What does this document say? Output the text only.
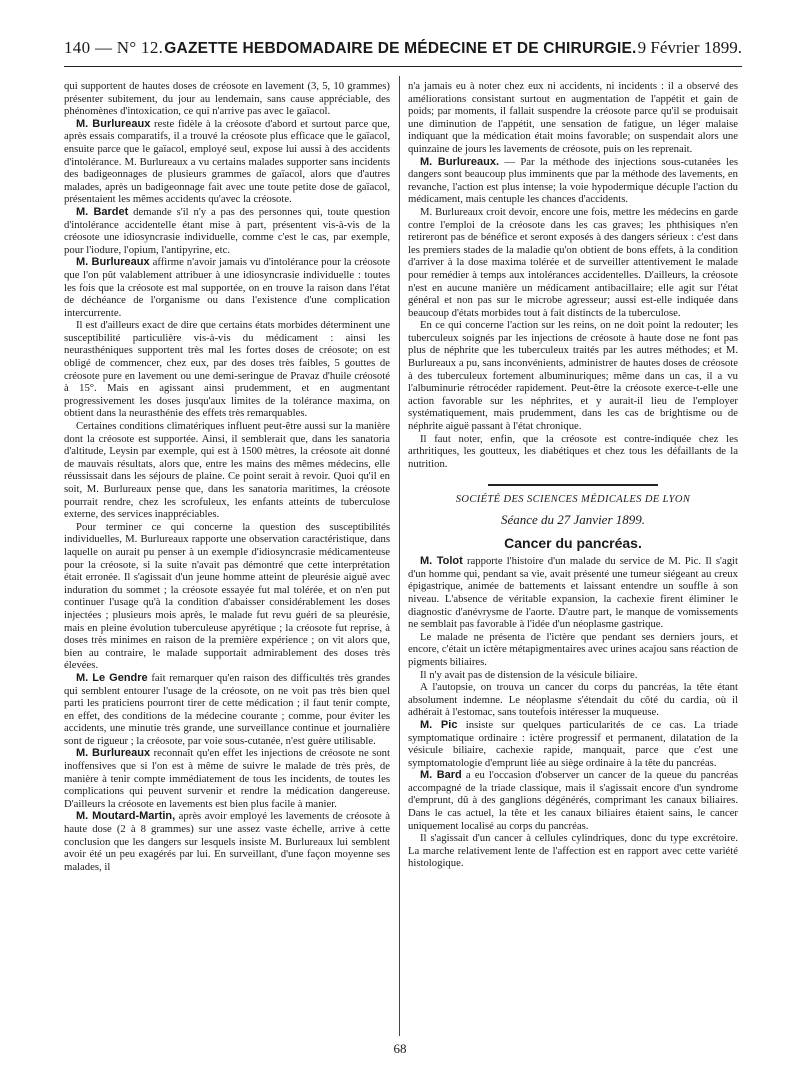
140 — N° 12. GAZETTE HEBDOMADAIRE DE MÉDECINE ET DE CHIRURGIE. 9 Février 1899.

qui supportent de hautes doses de créosote en lavement (3, 5, 10 grammes) présenter subitement, du jour au lendemain, sans cause appréciable, des phénomènes d'intoxication, ce qui n'arrive pas avec le gaïacol.

M. Burlureaux reste fidèle à la créosote d'abord et surtout parce que, après essais comparatifs, il a trouvé la créosote plus efficace que le gaïacol, ensuite parce que le gaïacol, employé seul, expose lui aussi à des accidents d'intolérance. M. Burlureaux a vu certains malades supporter sans incidents des badigeonnages de plusieurs grammes de gaïacol, alors que d'autres malades, après un badigeonnage fait avec une toute petite dose de gaïacol, présentaient les mêmes accidents qu'avec la créosote.

M. Bardet demande s'il n'y a pas des personnes qui, toute question d'intolérance accidentelle étant mise à part, présentent vis-à-vis de la créosote une idiosyncrasie individuelle, comme c'est le cas, par exemple, pour l'iodure, l'opium, l'antipyrine, etc.

M. Burlureaux affirme n'avoir jamais vu d'intolérance pour la créosote que l'on pût valablement attribuer à une idiosyncrasie individuelle : toutes les fois que la créosote est mal supportée, on en trouve la raison dans l'état de déchéance de l'organisme ou dans l'existence d'une complication intercurrente.

Il est d'ailleurs exact de dire que certains états morbides déterminent une susceptibilité particulière vis-à-vis du médicament : ainsi les neurasthéniques supportent très mal les fortes doses de créosote; on est obligé de commencer, chez eux, par des doses très faibles, 5 gouttes de créosote pure en lavement ou une demi-seringue de Pravaz d'huile créosoté à 15°. Mais en agissant ainsi prudemment, et en augmentant progressivement les doses jusqu'aux limites de la tolérance maxima, on obtient dans la neurasthénie des effets très remarquables.

Certaines conditions climatériques influent peut-être aussi sur la manière dont la créosote est supportée. Ainsi, il semblerait que, dans les sanatoria d'altitude, Leysin par exemple, qui est à 1500 mètres, la créosote ait donné de mauvais résultats, alors que, entre les mains des mêmes médecins, elle réussissait dans les séjours de plaine. Ce point serait à revoir. Quoi qu'il en soit, M. Burlureaux pense que, dans les sanatoria maritimes, la créosote pourrait rendre, chez les scrofuleux, les enfants atteints de tuberculose externe, des services inappréciables.

Pour terminer ce qui concerne la question des susceptibilités individuelles, M. Burlureaux rapporte une observation caractéristique, dans laquelle on aurait pu penser à un exemple d'idiosyncrasie médicamenteuse pour la créosote, si la suite n'avait pas démontré que cette interprétation était erronée. Il s'agissait d'un jeune homme atteint de pleurésie aiguë avec induration du sommet ; la créosote essayée fut mal tolérée, et on n'en put continuer l'usage qu'à la condition d'abaisser considérablement les doses injectées ; plusieurs mois après, le malade fut revu guéri de sa pleurésie, mais en pleine évolution tuberculeuse apyrétique ; la créosote fut reprise, à doses très minimes en raison de la première expérience ; on vit alors que, bien au contraire, le malade supportait admirablement des doses très élevées.

M. Le Gendre fait remarquer qu'en raison des difficultés très grandes qui semblent entourer l'usage de la créosote, on ne voit pas très bien quel parti les praticiens pourront tirer de cette médication ; il faut tenir compte, en effet, des conditions de la médecine courante ; comme, pour éviter les accidents, une minutie très grande, une surveillance continue et journalière sont de rigueur ; la créosote, par voie sous-cutanée, n'est guère utilisable.

M. Burlureaux reconnaît qu'en effet les injections de créosote ne sont inoffensives que si l'on est à même de suivre le malade de très près, de manière à tenir compte immédiatement de tous les incidents, de toutes les complications qui peuvent survenir et rendre la médication dangereuse. D'ailleurs la créosote en lavements est bien plus facile à manier.

M. Moutard-Martin, après avoir employé les lavements de créosote à haute dose (2 à 8 grammes) sur une assez vaste échelle, arrive à cette conclusion que les dangers sur lesquels insiste M. Burlureaux lui semblent avoir été un peu exagérés par lui. En surveillant, d'une façon moyenne ses malades, il

n'a jamais eu à noter chez eux ni accidents, ni incidents : il a observé des améliorations consistant surtout en augmentation de l'appétit et gain de poids; par moments, il fallait suspendre la créosote parce qu'il se produisait une diminution de l'appétit, une sensation de fatigue, un léger malaise indiquant que la médication était moins favorable; on suspendait alors une quinzaine de jours les lavements de créosote, puis on les reprenait.

M. Burlureaux. — Par la méthode des injections sous-cutanées les dangers sont beaucoup plus imminents que par la méthode des lavements, en revanche, l'action est plus intense; la voie hypodermique décuple l'action du médicament, mais centuple les chances d'accidents.

M. Burlureaux croit devoir, encore une fois, mettre les médecins en garde contre l'emploi de la créosote dans les cas graves; les phthisiques n'en retireront pas de bénéfice et seront exposés à des dangers sérieux : c'est dans les premiers stades de la maladie qu'on obtient de bons effets, à la condition d'arriver à la dose maxima tolérée et de surveiller attentivement le malade pour remédier à temps aux intolérances accidentelles. D'ailleurs, la créosote n'est en aucune manière un médicament antibacillaire; elle agit sur l'état général et non pas sur le microbe agresseur; aussi est-elle indiquée dans beaucoup d'états morbides tout à fait distincts de la tuberculose.

En ce qui concerne l'action sur les reins, on ne doit point la redouter; les tuberculeux soignés par les injections de créosote à haute dose ne font pas plus de néphrite que les tuberculeux traités par les autres méthodes; et M. Burlureaux a pu, sans inconvénients, administrer de hautes doses de créosote à des tuberculeux fortement albuminuriques; même dans un cas, il a vu l'albuminurie rétrocéder rapidement. Peut-être la créosote exerce-t-elle une action favorable sur les néphrites, et y aurait-il lieu de l'employer systématiquement, mais prudemment, dans les cas de brightisme ou de néphrite aiguë passant à l'état chronique.

Il faut noter, enfin, que la créosote est contre-indiquée chez les arthritiques, les goutteux, les diabétiques et chez tous les défaillants de la nutrition.

SOCIÉTÉ DES SCIENCES MÉDICALES DE LYON
Séance du 27 Janvier 1899.
Cancer du pancréas.

M. Tolot rapporte l'histoire d'un malade du service de M. Pic. Il s'agit d'un homme qui, pendant sa vie, avait présenté une tumeur siégeant au creux épigastrique, animée de battements et laissant entendre un souffle à son niveau. L'absence de véritable expansion, la cachexie firent éliminer le diagnostic d'anévrysme de l'aorte. D'autre part, le manque de vomissements ne semblait pas favorable à l'idée d'un néoplasme gastrique.

Le malade ne présenta de l'ictère que pendant ses derniers jours, et encore, c'était un ictère métapigmentaires avec urines acajou sans réaction de pigments biliaires.

Il n'y avait pas de distension de la vésicule biliaire.

A l'autopsie, on trouva un cancer du corps du pancréas, la tête étant absolument indemne. Le néoplasme s'étendait du côté du cardia, où il adhérait à l'estomac, sans toutefois intéresser la muqueuse.

M. Pic insiste sur quelques particularités de ce cas. La triade symptomatique ordinaire : ictère progressif et permanent, dilatation de la vésicule biliaire, cachexie rapide, manquait, parce que c'est une symptomatologie d'emprunt liée au siège ordinaire à la tête du pancréas.

M. Bard a eu l'occasion d'observer un cancer de la queue du pancréas accompagné de la triade classique, mais il s'agissait encore d'un syndrome d'emprunt, dû à des ganglions dégénérés, comprimant les canaux biliaires. Dans le cas actuel, la tête et les canaux biliaires étaient sains, le cancer uniquement localisé au corps du pancréas.

Il s'agissait d'un cancer à cellules cylindriques, donc du type excrétoire. La marche relativement lente de l'affection est en rapport avec cette variété histologique.

68
